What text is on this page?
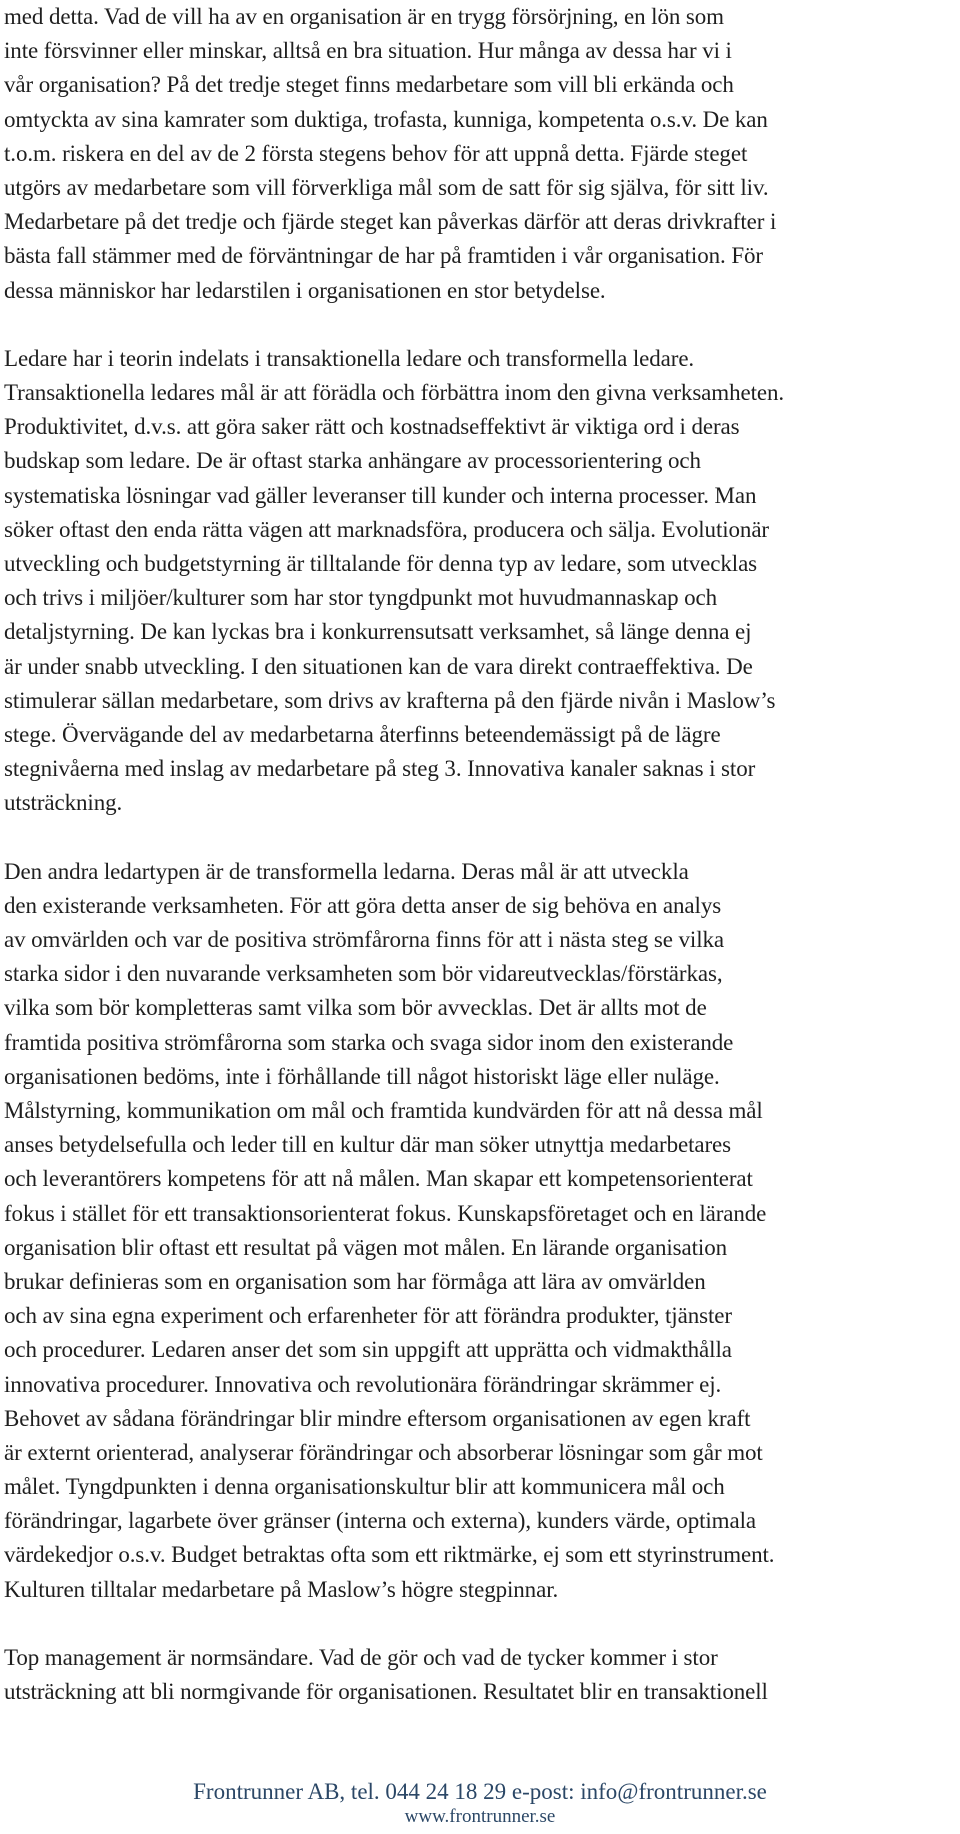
med detta. Vad de vill ha av en organisation är en trygg försörjning, en lön som
inte försvinner eller minskar, alltså en bra situation. Hur många av dessa har vi i
vår organisation? På det tredje steget finns medarbetare som vill bli erkända och
omtyckta av sina kamrater som duktiga, trofasta, kunniga, kompetenta o.s.v. De kan
t.o.m. riskera en del av de 2 första stegens behov för att uppnå detta. Fjärde steget
utgörs av medarbetare som vill förverkliga mål som de satt för sig själva, för sitt liv.
Medarbetare på det tredje och fjärde steget kan påverkas därför att deras drivkrafter i
bästa fall stämmer med de förväntningar de har på framtiden i vår organisation. För
dessa människor har ledarstilen i organisationen en stor betydelse.
Ledare har i teorin indelats i transaktionella ledare och transformella ledare.
Transaktionella ledares mål är att förädla och förbättra inom den givna verksamheten.
Produktivitet, d.v.s. att göra saker rätt och kostnadseffektivt är viktiga ord i deras
budskap som ledare. De är oftast starka anhängare av processorientering och
systematiska lösningar vad gäller leveranser till kunder och interna processer. Man
söker oftast den enda rätta vägen att marknadsföra, producera och sälja. Evolutionär
utveckling och budgetstyrning är tilltalande för denna typ av ledare, som utvecklas
och trivs i miljöer/kulturer som har stor tyngdpunkt mot huvudmannaskap och
detaljstyrning. De kan lyckas bra i konkurrensutsatt verksamhet, så länge denna ej
är under snabb utveckling. I den situationen kan de vara direkt contraeffektiva. De
stimulerar sällan medarbetare, som drivs av krafterna på den fjärde nivån i Maslow’s
stege. Övervägande del av medarbetarna återfinns beteendemässigt på de lägre
stegnivåerna med inslag av medarbetare på steg 3. Innovativa kanaler saknas i stor
utsträckning.
Den andra ledartypen är de transformella ledarna. Deras mål är att utveckla
den existerande verksamheten. För att göra detta anser de sig behöva en analys
av omvärlden och var de positiva strömfårorna finns för att i nästa steg se vilka
starka sidor i den nuvarande verksamheten som bör vidareutvecklas/förstärkas,
vilka som bör kompletteras samt vilka som bör avvecklas. Det är allts mot de
framtida positiva strömfårorna som starka och svaga sidor inom den existerande
organisationen bedöms, inte i förhållande till något historiskt läge eller nuläge.
Målstyrning, kommunikation om mål och framtida kundvärden för att nå dessa mål
anses betydelsefulla och leder till en kultur där man söker utnyttja medarbetares
och leverantörers kompetens för att nå målen. Man skapar ett kompetensorienterat
fokus i stället för ett transaktionsorienterat fokus. Kunskapsföretaget och en lärande
organisation blir oftast ett resultat på vägen mot målen. En lärande organisation
brukar definieras som en organisation som har förmåga att lära av omvärlden
och av sina egna experiment och erfarenheter för att förändra produkter, tjänster
och procedurer. Ledaren anser det som sin uppgift att upprätta och vidmakthålla
innovativa procedurer. Innovativa och revolutionära förändringar skrämmer ej.
Behovet av sådana förändringar blir mindre eftersom organisationen av egen kraft
är externt orienterad, analyserar förändringar och absorberar lösningar som går mot
målet. Tyngdpunkten i denna organisationskultur blir att kommunicera mål och
förändringar, lagarbete över gränser (interna och externa), kunders värde, optimala
värdekedjor o.s.v. Budget betraktas ofta som ett riktmärke, ej som ett styrinstrument.
Kulturen tilltalar medarbetare på Maslow’s högre stegpinnar.
Top management är normsändare. Vad de gör och vad de tycker kommer i stor
utsträckning att bli normgivande för organisationen. Resultatet blir en transaktionell
Frontrunner AB, tel. 044 24 18 29 e-post: info@frontrunner.se
www.frontrunner.se
